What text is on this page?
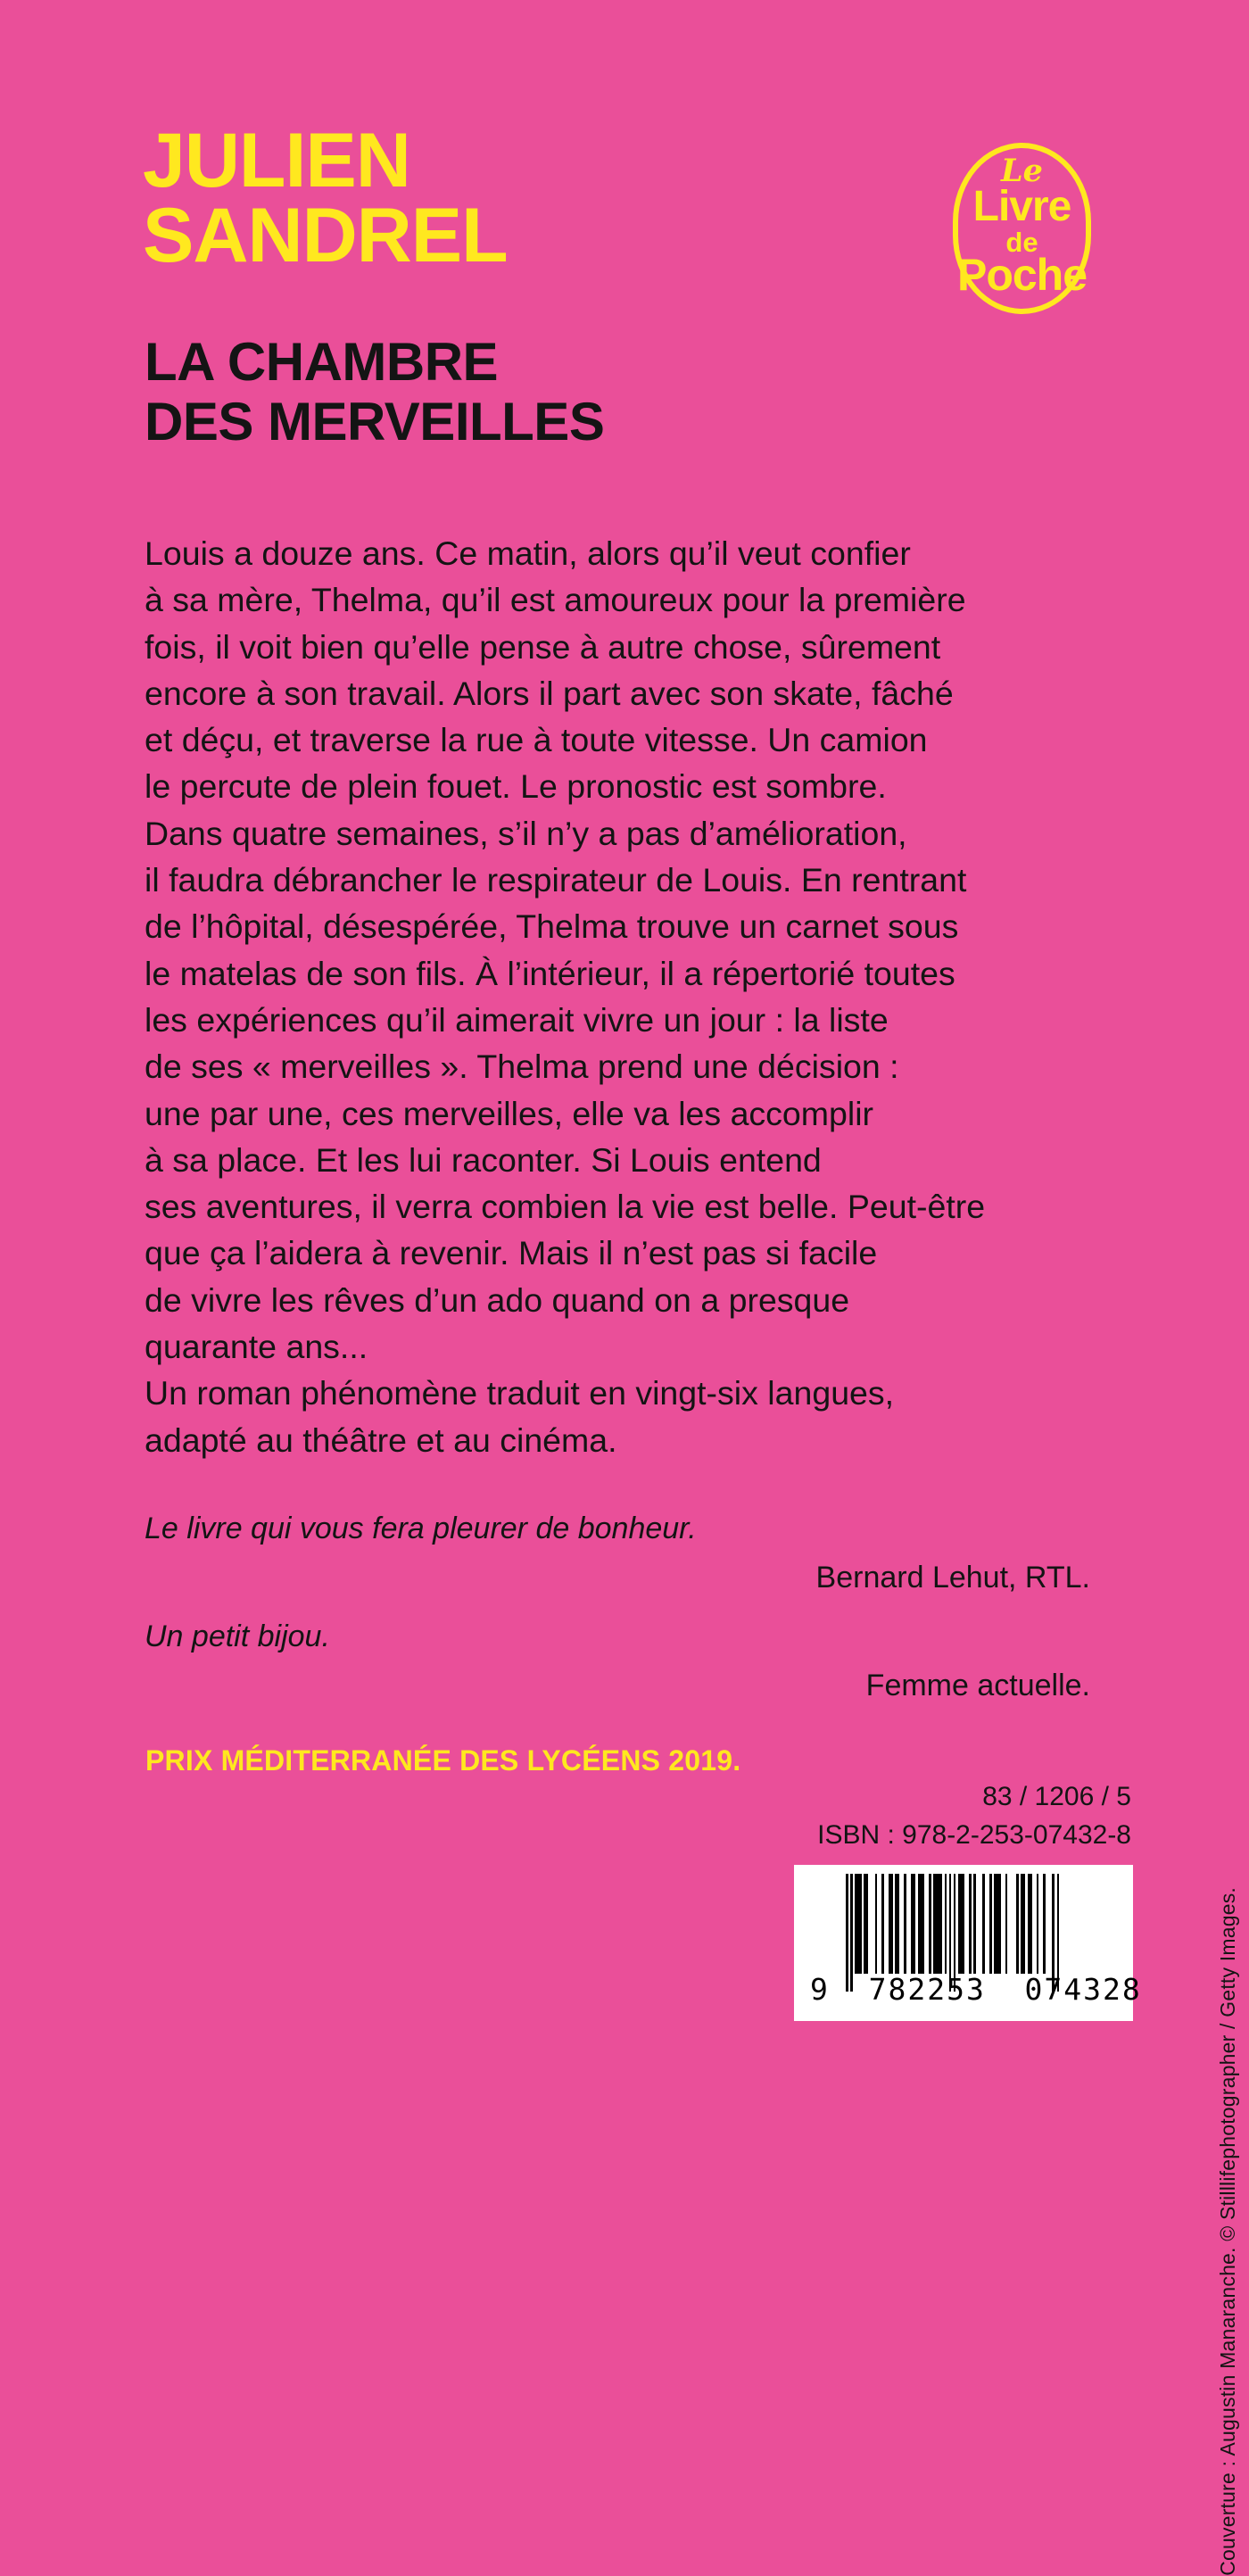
JULIEN
SANDREL
Le
Livre
de
Poche
LA CHAMBRE
DES MERVEILLES
Louis a douze ans. Ce matin, alors qu’il veut confier
à sa mère, Thelma, qu’il est amoureux pour la première
fois, il voit bien qu’elle pense à autre chose, sûrement
encore à son travail. Alors il part avec son skate, fâché
et déçu, et traverse la rue à toute vitesse. Un camion
le percute de plein fouet. Le pronostic est sombre.
Dans quatre semaines, s’il n’y a pas d’amélioration,
il faudra débrancher le respirateur de Louis. En rentrant
de l’hôpital, désespérée, Thelma trouve un carnet sous
le matelas de son fils. À l’intérieur, il a répertorié toutes
les expériences qu’il aimerait vivre un jour : la liste
de ses « merveilles ». Thelma prend une décision :
une par une, ces merveilles, elle va les accomplir
à sa place. Et les lui raconter. Si Louis entend
ses aventures, il verra combien la vie est belle. Peut-être
que ça l’aidera à revenir. Mais il n’est pas si facile
de vivre les rêves d’un ado quand on a presque
quarante ans...
Un roman phénomène traduit en vingt-six langues,
adapté au théâtre et au cinéma.
Le livre qui vous fera pleurer de bonheur.
Bernard Lehut, RTL.
Un petit bijou.
Femme actuelle.
PRIX MÉDITERRANÉE DES LYCÉENS 2019.
83 / 1206 / 5
ISBN : 978-2-253-07432-8
Couverture : Augustin Manaranche. © Stilllifephotographer / Getty Images.
9  782253  074328
